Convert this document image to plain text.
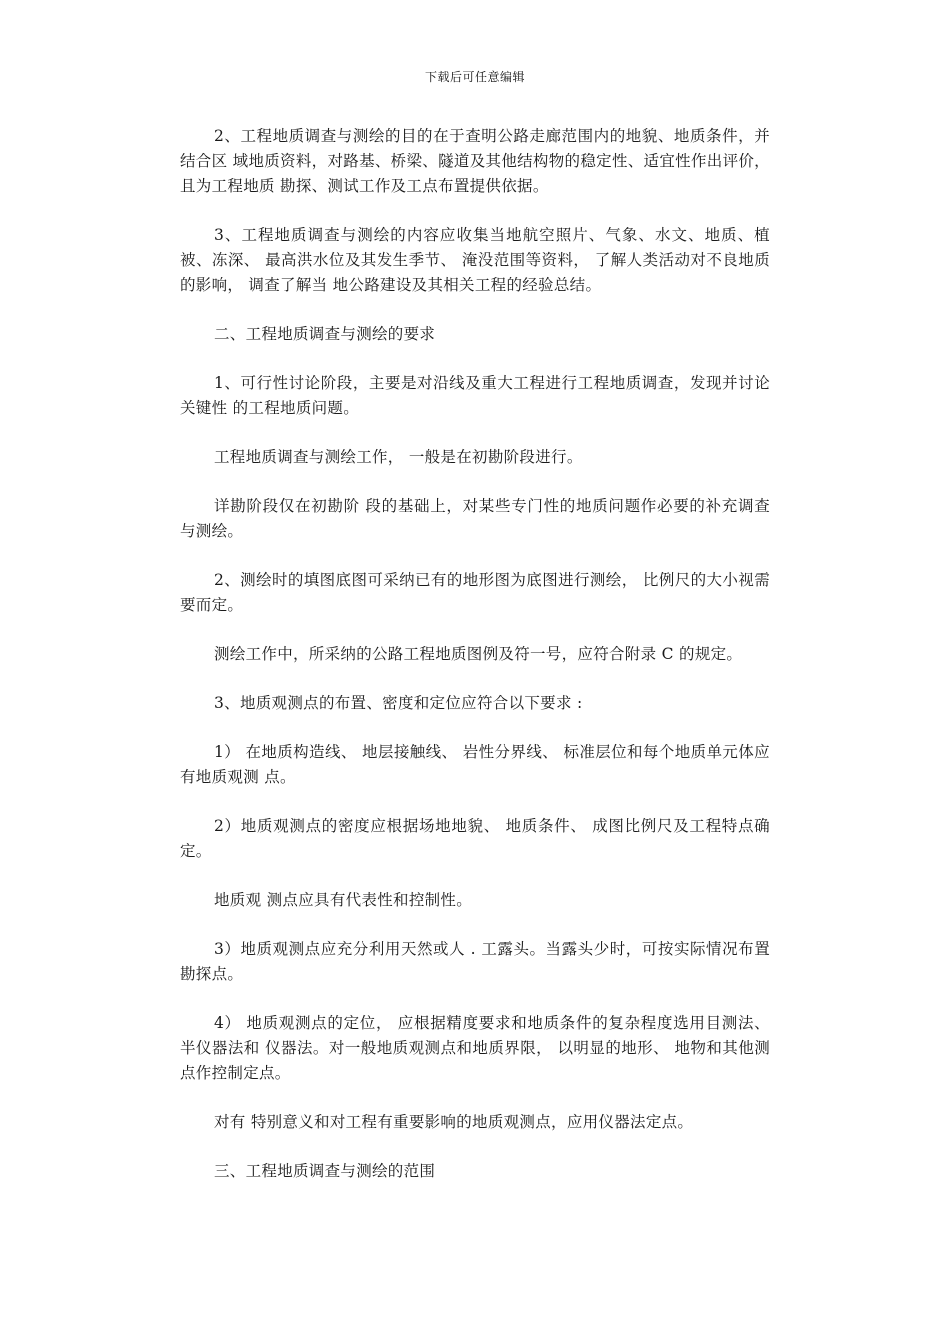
下载后可任意编辑

2、工程地质调查与测绘的目的在于查明公路走廊范围内的地貌、地质条件，并结合区 域地质资料，对路基、桥梁、隧道及其他结构物的稳定性、适宜性作出评价，且为工程地质 勘探、测试工作及工点布置提供依据。

3、工程地质调查与测绘的内容应收集当地航空照片、气象、水文、地质、植被、冻深、 最高洪水位及其发生季节、 淹没范围等资料， 了解人类活动对不良地质的影响， 调查了解当 地公路建设及其相关工程的经验总结。

二、工程地质调查与测绘的要求

1、可行性讨论阶段，主要是对沿线及重大工程进行工程地质调查，发现并讨论关键性 的工程地质问题。

工程地质调查与测绘工作， 一般是在初勘阶段进行。

详勘阶段仅在初勘阶 段的基础上，对某些专门性的地质问题作必要的补充调查与测绘。

2、测绘时的填图底图可采纳已有的地形图为底图进行测绘， 比例尺的大小视需要而定。

测绘工作中，所采纳的公路工程地质图例及符一号，应符合附录 C 的规定。

3、地质观测点的布置、密度和定位应符合以下要求 :

1） 在地质构造线、 地层接触线、 岩性分界线、 标准层位和每个地质单元体应有地质观测 点。

2）地质观测点的密度应根据场地地貌、 地质条件、 成图比例尺及工程特点确定。

地质观 测点应具有代表性和控制性。

3）地质观测点应充分利用天然或人 . 工露头。当露头少时，可按实际情况布置勘探点。

4） 地质观测点的定位， 应根据精度要求和地质条件的复杂程度选用目测法、 半仪器法和 仪器法。对一般地质观测点和地质界限， 以明显的地形、 地物和其他测点作控制定点。

对有 特别意义和对工程有重要影响的地质观测点，应用仪器法定点。

三、工程地质调查与测绘的范围
